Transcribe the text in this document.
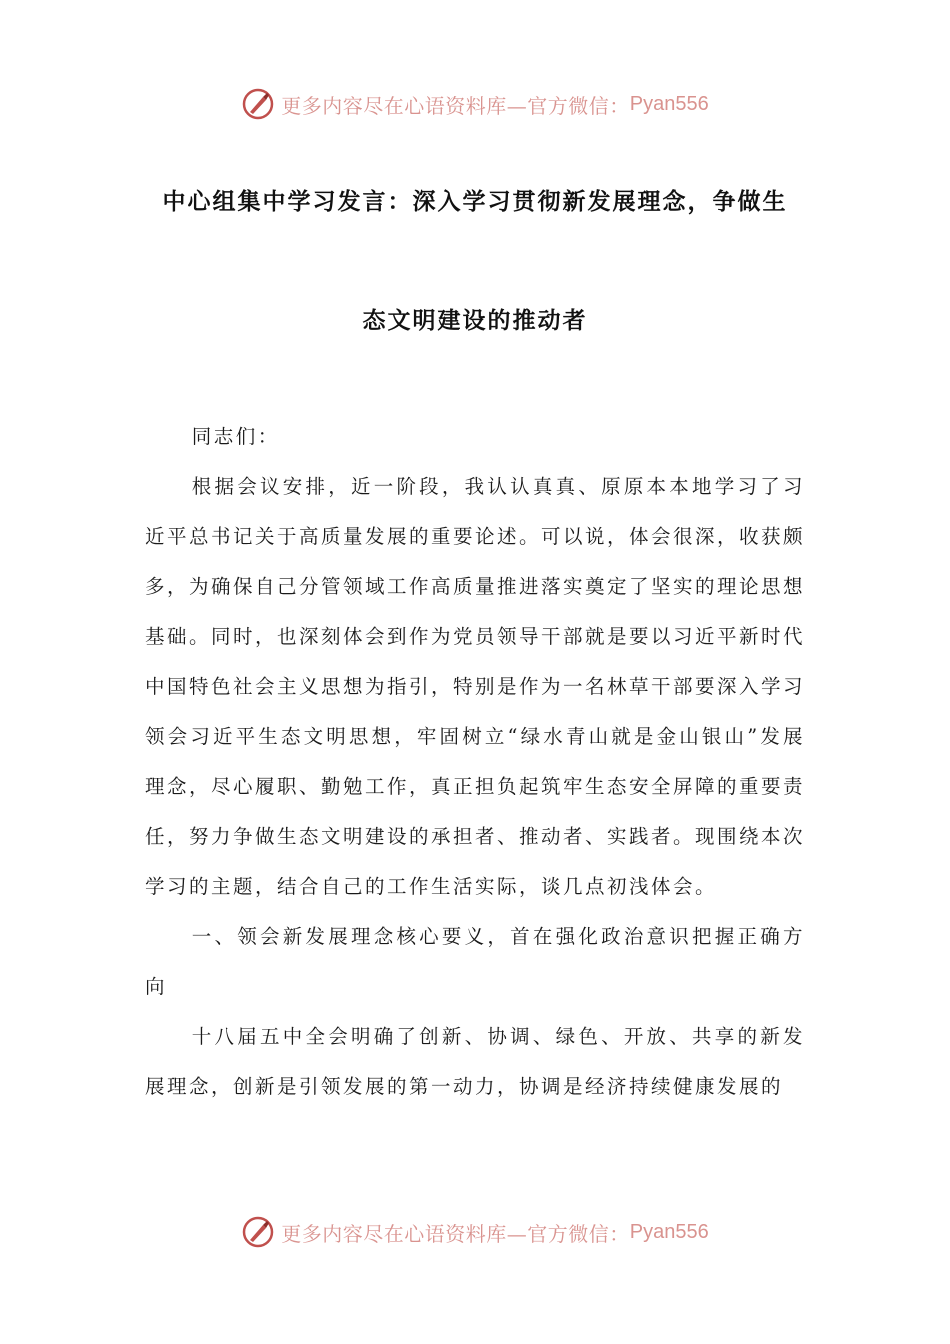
更多内容尽在心语资料库—官方微信： Pyan556
中心组集中学习发言：深入学习贯彻新发展理念，争做生
态文明建设的推动者

同志们：

根据会议安排，近一阶段，我认认真真、原原本本地学习了习近平总书记关于高质量发展的重要论述。可以说，体会很深，收获颇多，为确保自己分管领域工作高质量推进落实奠定了坚实的理论思想基础。同时，也深刻体会到作为党员领导干部就是要以习近平新时代中国特色社会主义思想为指引，特别是作为一名林草干部要深入学习领会习近平生态文明思想，牢固树立“绿水青山就是金山银山”发展理念，尽心履职、勤勉工作，真正担负起筑牢生态安全屏障的重要责任，努力争做生态文明建设的承担者、推动者、实践者。现围绕本次学习的主题，结合自己的工作生活实际，谈几点初浅体会。

一、领会新发展理念核心要义，首在强化政治意识把握正确方向

十八届五中全会明确了创新、协调、绿色、开放、共享的新发展理念，创新是引领发展的第一动力，协调是经济持续健康发展的

更多内容尽在心语资料库—官方微信： Pyan556
